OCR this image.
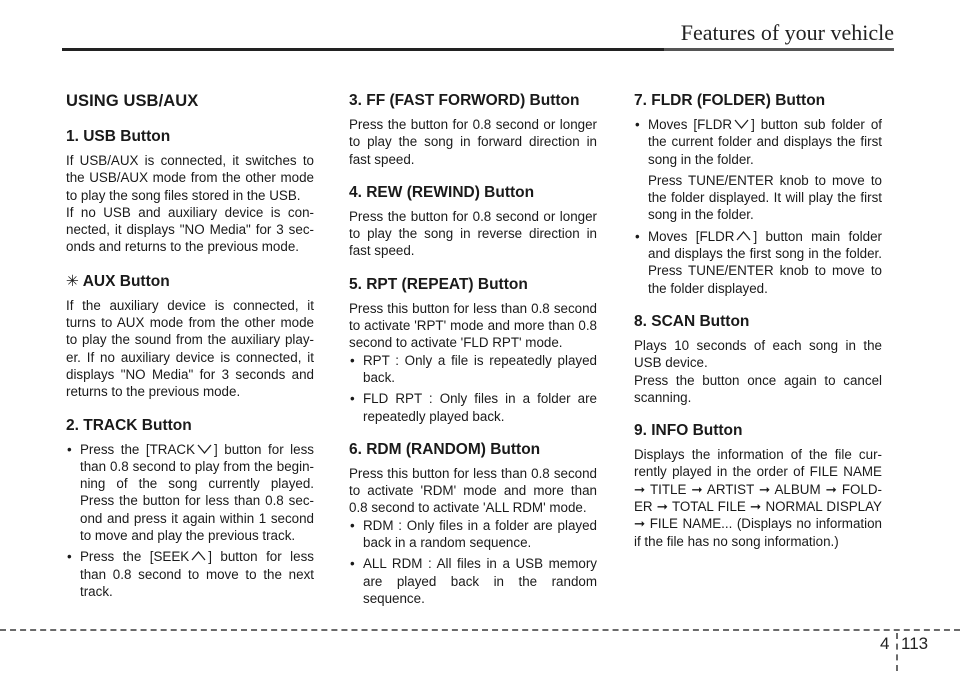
Features of your vehicle
USING USB/AUX
1. USB Button

If USB/AUX is connected, it switches to the USB/AUX mode from the other mode to play the song files stored in the USB.

If no USB and auxiliary device is connected, it displays "NO Media" for 3 seconds and returns to the previous mode.

✳ AUX Button

If the auxiliary device is connected, it turns to AUX mode from the other mode to play the sound from the auxiliary player. If no auxiliary device is connected, it displays "NO Media" for 3 seconds and returns to the previous mode.

2. TRACK Button
• Press the [TRACK ] button for less than 0.8 second to play from the beginning of the song currently played. Press the button for less than 0.8 second and press it again within 1 second to move and play the previous track.
• Press the [SEEK ] button for less than 0.8 second to move to the next track.
3. FF (FAST FORWORD) Button

Press the button for 0.8 second or longer to play the song in forward direction in fast speed.

4. REW (REWIND) Button

Press the button for 0.8 second or longer to play the song in reverse direction in fast speed.

5. RPT (REPEAT) Button

Press this button for less than 0.8 second to activate 'RPT' mode and more than 0.8 second to activate 'FLD RPT' mode.

• RPT : Only a file is repeatedly played back.
• FLD RPT : Only files in a folder are repeatedly played back.
6. RDM (RANDOM) Button

Press this button for less than 0.8 second to activate 'RDM' mode and more than 0.8 second to activate 'ALL RDM' mode.

• RDM : Only files in a folder are played back in a random sequence.
• ALL RDM : All files in a USB memory are played back in the random sequence.
7. FLDR (FOLDER) Button
• Moves [FLDR ] button sub folder of the current folder and displays the first song in the folder.
Press TUNE/ENTER knob to move to the folder displayed. It will play the first song in the folder.
• Moves [FLDR ] button main folder and displays the first song in the folder. Press TUNE/ENTER knob to move to the folder displayed.
8. SCAN Button

Plays 10 seconds of each song in the USB device.

Press the button once again to cancel scanning.

9. INFO Button

Displays the information of the file currently played in the order of FILE NAME ➞ TITLE ➞ ARTIST ➞ ALBUM ➞ FOLDER ➞ TOTAL FILE ➞ NORMAL DISPLAY ➞ FILE NAME... (Displays no information if the file has no song information.)

4 113
